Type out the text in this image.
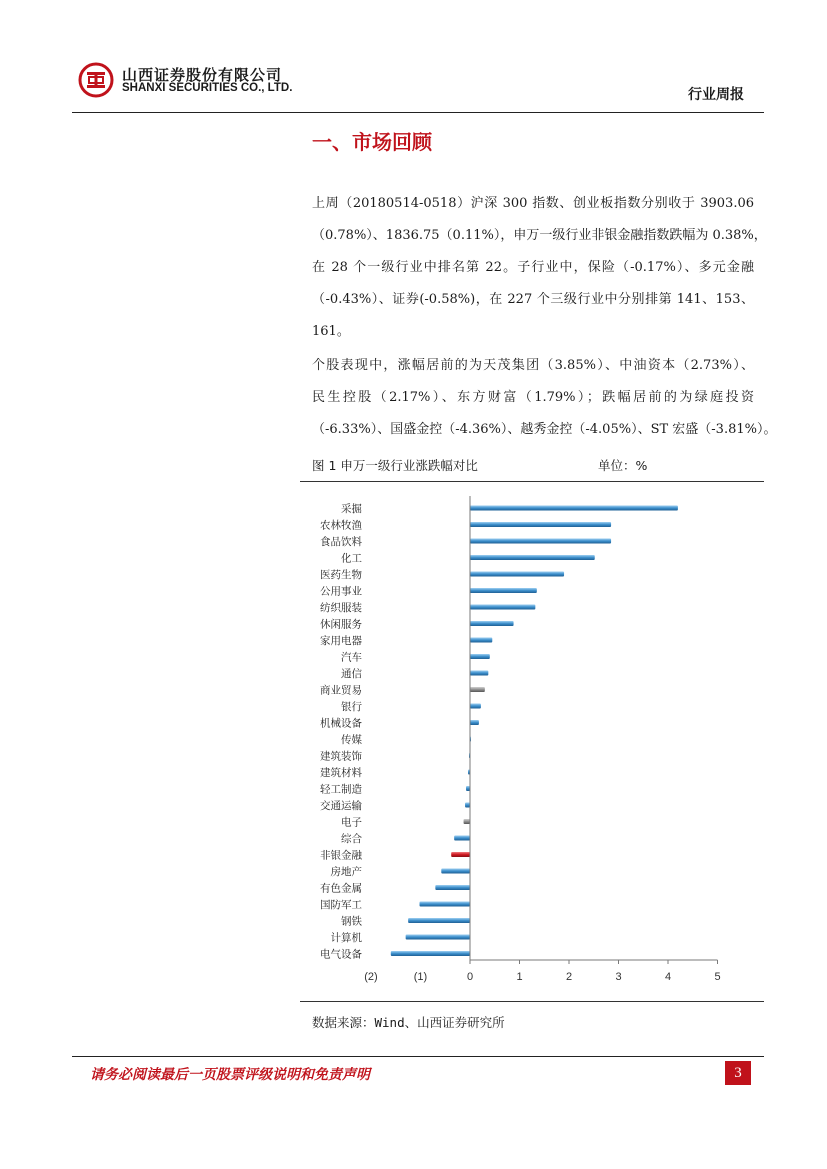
山西证券股份有限公司
SHANXI SECURITIES CO., LTD.	行业周报
一、市场回顾
上周（20180514-0518）沪深 300 指数、创业板指数分别收于 3903.06
（0.78%）、1836.75（0.11%），申万一级行业非银金融指数跌幅为 0.38%，
在 28 个一级行业中排名第 22。子行业中，保险（-0.17%）、多元金融
（-0.43%）、证券(-0.58%)，在 227 个三级行业中分别排第 141、153、
161。
个股表现中，涨幅居前的为天茂集团（3.85%）、中油资本（2.73%）、
民生控股（2.17%）、东方财富（1.79%）；跌幅居前的为绿庭投资
（-6.33%）、国盛金控（-4.36%）、越秀金控（-4.05%）、ST 宏盛（-3.81%）。
图 1 申万一级行业涨跌幅对比	单位：%
采掘
农林牧渔
食品饮料
化工
医药生物
公用事业
纺织服装
休闲服务
家用电器
汽车
通信
商业贸易
银行
机械设备
传媒
建筑装饰
建筑材料
轻工制造
交通运输
电子
综合
非银金融
房地产
有色金属
国防军工
钢铁
计算机
电气设备
(2)	(1)	0	1	2	3	4	5
数据来源：Wind、山西证券研究所
请务必阅读最后一页股票评级说明和免责声明	3
